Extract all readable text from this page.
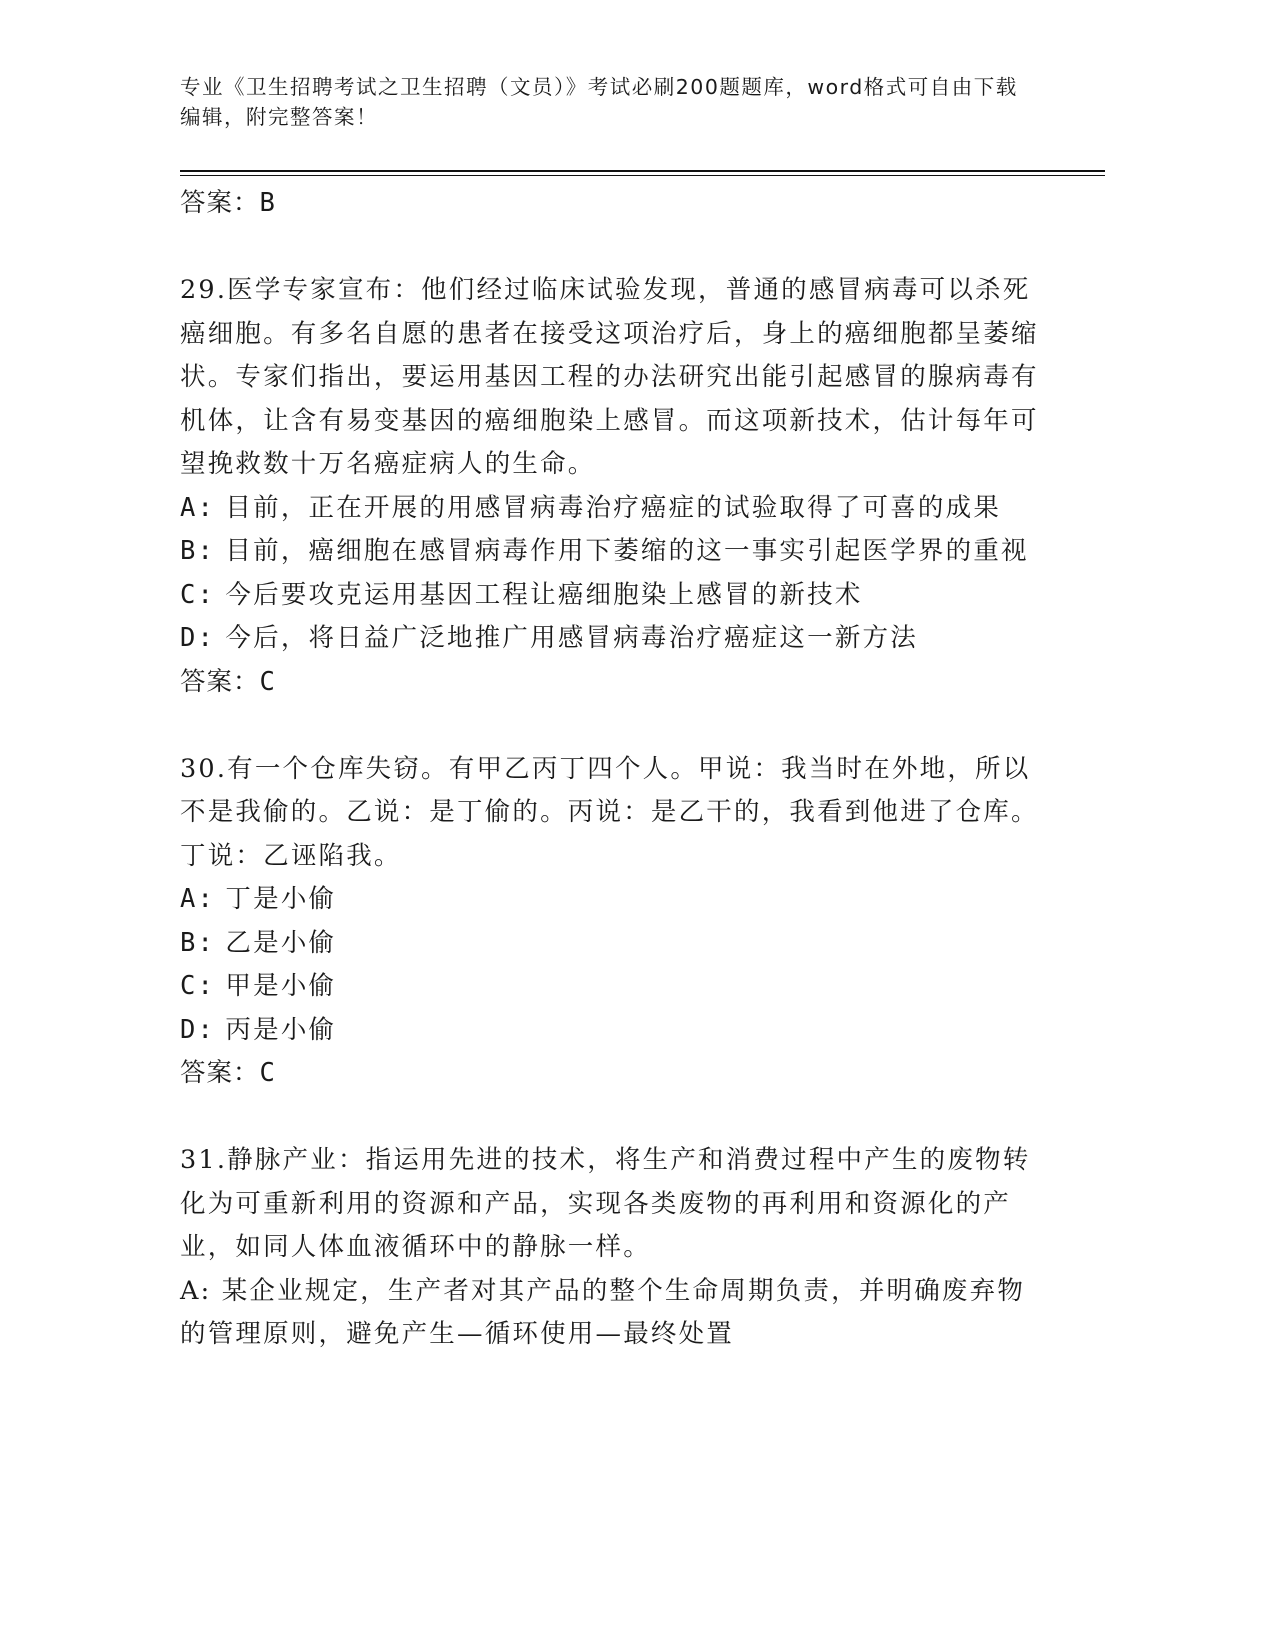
专业《卫生招聘考试之卫生招聘（文员）》考试必刷200题题库，word格式可自由下载编辑，附完整答案！
答案：B

29.医学专家宣布：他们经过临床试验发现，普通的感冒病毒可以杀死癌细胞。有多名自愿的患者在接受这项治疗后，身上的癌细胞都呈萎缩状。专家们指出，要运用基因工程的办法研究出能引起感冒的腺病毒有机体，让含有易变基因的癌细胞染上感冒。而这项新技术，估计每年可望挽救数十万名癌症病人的生命。

A: 目前，正在开展的用感冒病毒治疗癌症的试验取得了可喜的成果
B: 目前，癌细胞在感冒病毒作用下萎缩的这一事实引起医学界的重视
C: 今后要攻克运用基因工程让癌细胞染上感冒的新技术
D: 今后，将日益广泛地推广用感冒病毒治疗癌症这一新方法
答案：C

30.有一个仓库失窃。有甲乙丙丁四个人。甲说：我当时在外地，所以不是我偷的。乙说：是丁偷的。丙说：是乙干的，我看到他进了仓库。丁说：乙诬陷我。

A: 丁是小偷
B: 乙是小偷
C: 甲是小偷
D: 丙是小偷
答案：C

31.静脉产业：指运用先进的技术，将生产和消费过程中产生的废物转化为可重新利用的资源和产品，实现各类废物的再利用和资源化的产业，如同人体血液循环中的静脉一样。

A: 某企业规定，生产者对其产品的整个生命周期负责，并明确废弃物的管理原则，避免产生—循环使用—最终处置
